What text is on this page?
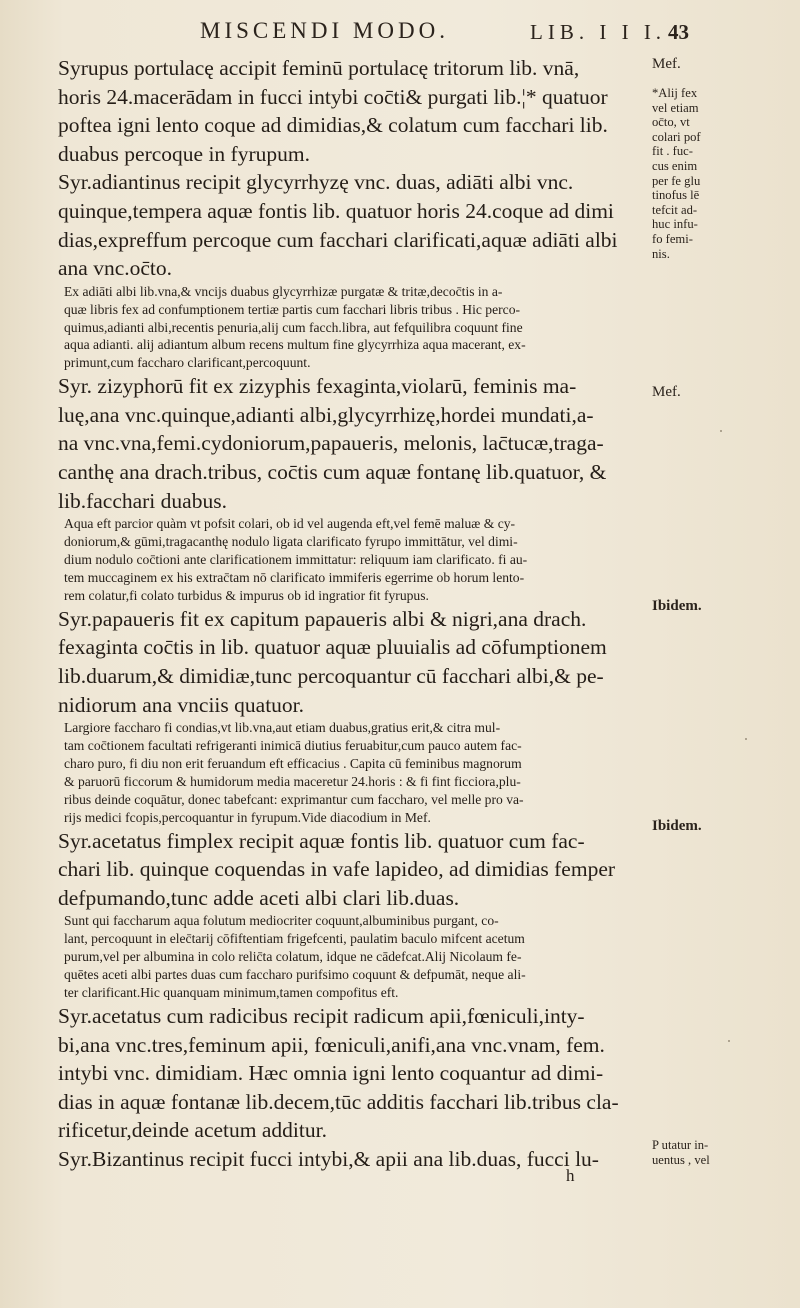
MISCENDI MODO.	LIB. I I I. 43

Syrupus portulacę accipit feminū portulacę tritorum lib. vnā,
horis 24.macerādam in fucci intybi coc̄ti& purgati lib.¦* quatuor
poftea igni lento coque ad dimidias,& colatum cum facchari lib.
duabus percoque in fyrupum.

Syr.adiantinus recipit glycyrrhyzę vnc. duas, adiāti albi vnc.
quinque,tempera aquæ fontis lib. quatuor horis 24.coque ad dimi
dias,expreffum percoque cum facchari clarificati,aquæ adiāti albi
ana vnc.oc̄to.

Ex adiāti albi lib.vna,& vncijs duabus glycyrrhizæ purgatæ & tritæ,decoc̄tis in a-
quæ libris fex ad confumptionem tertiæ partis cum facchari libris tribus . Hic perco-
quimus,adianti albi,recentis penuria,alij cum facch.libra, aut fefquilibra coquunt fine
aqua adianti. alij adiantum album recens multum fine glycyrrhiza aqua macerant, ex-
primunt,cum faccharo clarificant,percoquunt.

Syr. zizyphorū fit ex zizyphis fexaginta,violarū, feminis ma-
luę,ana vnc.quinque,adianti albi,glycyrrhizę,hordei mundati,a-
na vnc.vna,femi.cydoniorum,papaueris, melonis, lac̄tucæ,traga-
canthę ana drach.tribus, coc̄tis cum aquæ fontanę lib.quatuor, &
lib.facchari duabus.

Aqua eft parcior quàm vt pofsit colari, ob id vel augenda eft,vel femē maluæ & cy-
doniorum,& gūmi,tragacanthę nodulo ligata clarificato fyrupo immittātur, vel dimi-
dium nodulo coc̄tioni ante clarificationem immittatur: reliquum iam clarificato. fi au-
tem muccaginem ex his extrac̄tam nō clarificato immiferis egerrime ob horum lento-
rem colatur,fi colato turbidus & impurus ob id ingratior fit fyrupus.

Syr.papaueris fit ex capitum papaueris albi & nigri,ana drach.
fexaginta coc̄tis in lib. quatuor aquæ pluuialis ad cōfumptionem
lib.duarum,& dimidiæ,tunc percoquantur cū facchari albi,& pe-
nidiorum ana vnciis quatuor.

Largiore faccharo fi condias,vt lib.vna,aut etiam duabus,gratius erit,& citra mul-
tam coc̄tionem facultati refrigeranti inimicā diutius feruabitur,cum pauco autem fac-
charo puro, fi diu non erit feruandum eft efficacius . Capita cū feminibus magnorum
& paruorū ficcorum & humidorum media maceretur 24.horis : & fi fint ficciora,plu-
ribus deinde coquātur, donec tabefcant: exprimantur cum faccharo, vel melle pro va-
rijs medici fcopis,percoquantur in fyrupum.Vide diacodium in Mef.

Syr.acetatus fimplex recipit aquæ fontis lib. quatuor cum fac-
chari lib. quinque coquendas in vafe lapideo, ad dimidias femper
defpumando,tunc adde aceti albi clari lib.duas.

Sunt qui faccharum aqua folutum mediocriter coquunt,albuminibus purgant, co-
lant, percoquunt in elec̄tarij cōfiftentiam frigefcenti, paulatim baculo mifcent acetum
purum,vel per albumina in colo relic̄ta colatum, idque ne cādefcat.Alij Nicolaum fe-
quētes aceti albi partes duas cum faccharo purifsimo coquunt & defpumāt, neque ali-
ter clarificant.Hic quanquam minimum,tamen compofitus eft.

Syr.acetatus cum radicibus recipit radicum apii,fœniculi,inty-
bi,ana vnc.tres,feminum apii, fœniculi,anifi,ana vnc.vnam, fem.
intybi vnc. dimidiam. Hæc omnia igni lento coquantur ad dimi-
dias in aquæ fontanæ lib.decem,tūc additis facchari lib.tribus cla-
rificetur,deinde acetum additur.

Syr.Bizantinus recipit fucci intybi,& apii ana lib.duas, fucci lu-

Mef.
*Alij fex
vel etiam
oc̄to, vt
colari pof
fit . fuc-
cus enim
per fe glu
tinofus lē
tefcit ad-
huc infu-
fo femi-
nis.
Mef.
Ibidem.
Ibidem.
P utatur in-
uentus , vel
h
